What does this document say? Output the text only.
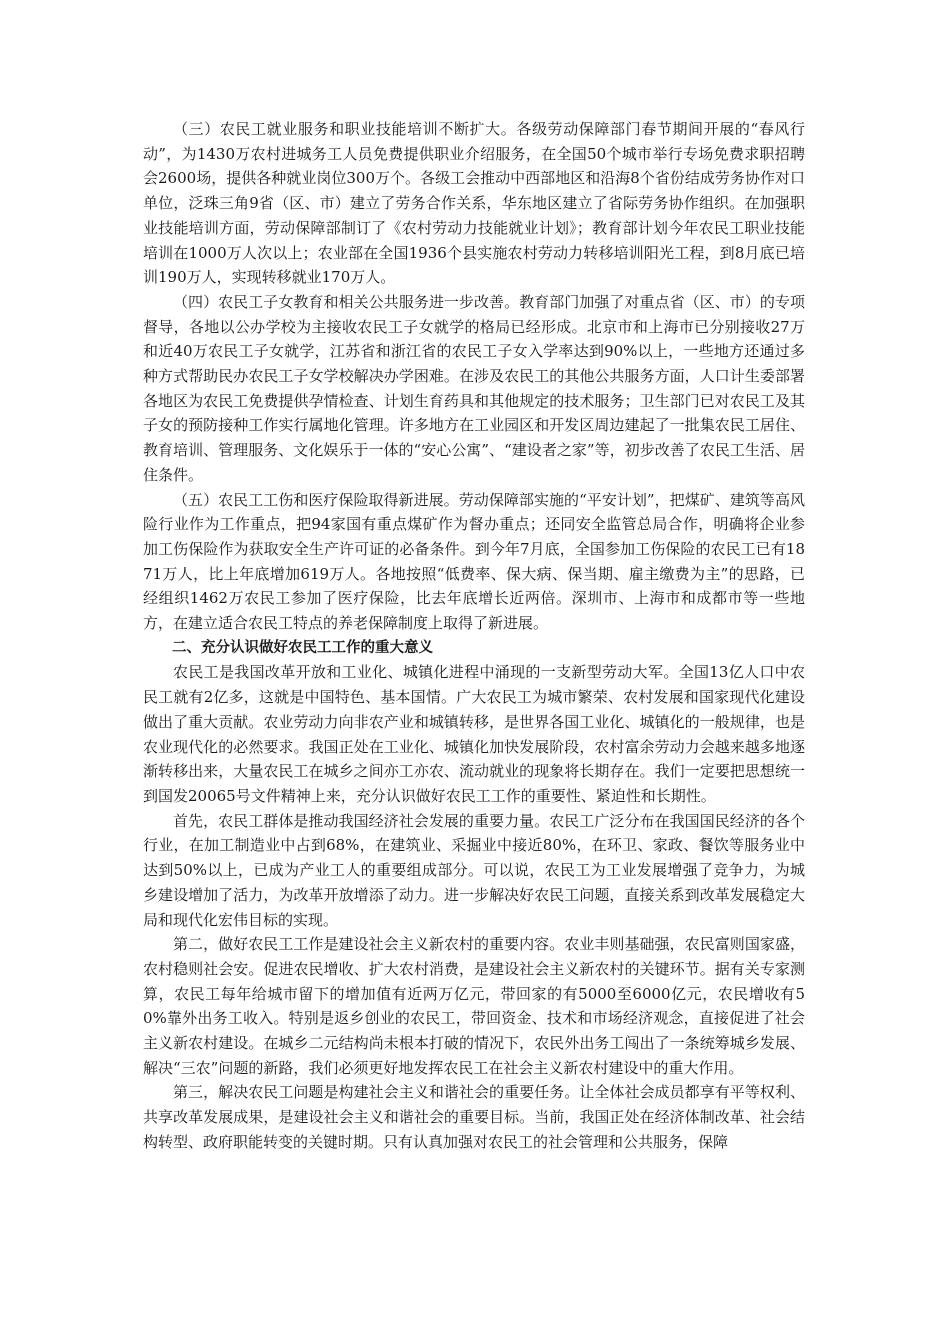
（三）农民工就业服务和职业技能培训不断扩大。各级劳动保障部门春节期间开展的“春风行动”，为1430万农村进城务工人员免费提供职业介绍服务，在全国50个城市举行专场免费求职招聘会2600场，提供各种就业岗位300万个。各级工会推动中西部地区和沿海8个省份结成劳务协作对口单位，泛珠三角9省（区、市）建立了劳务合作关系，华东地区建立了省际劳务协作组织。在加强职业技能培训方面，劳动保障部制订了《农村劳动力技能就业计划》；教育部计划今年农民工职业技能培训在1000万人次以上；农业部在全国1936个县实施农村劳动力转移培训阳光工程，到8月底已培训190万人，实现转移就业170万人。

（四）农民工子女教育和相关公共服务进一步改善。教育部门加强了对重点省（区、市）的专项督导，各地以公办学校为主接收农民工子女就学的格局已经形成。北京市和上海市已分别接收27万和近40万农民工子女就学，江苏省和浙江省的农民工子女入学率达到90%以上，一些地方还通过多种方式帮助民办农民工子女学校解决办学困难。在涉及农民工的其他公共服务方面，人口计生委部署各地区为农民工免费提供孕情检查、计划生育药具和其他规定的技术服务；卫生部门已对农民工及其子女的预防接种工作实行属地化管理。许多地方在工业园区和开发区周边建起了一批集农民工居住、教育培训、管理服务、文化娱乐于一体的“安心公寓”、“建设者之家”等，初步改善了农民工生活、居住条件。

（五）农民工工伤和医疗保险取得新进展。劳动保障部实施的“平安计划”，把煤矿、建筑等高风险行业作为工作重点，把94家国有重点煤矿作为督办重点；还同安全监管总局合作，明确将企业参加工伤保险作为获取安全生产许可证的必备条件。到今年7月底，全国参加工伤保险的农民工已有1871万人，比上年底增加619万人。各地按照“低费率、保大病、保当期、雇主缴费为主”的思路，已经组织1462万农民工参加了医疗保险，比去年底增长近两倍。深圳市、上海市和成都市等一些地方，在建立适合农民工特点的养老保障制度上取得了新进展。

二、充分认识做好农民工工作的重大意义

农民工是我国改革开放和工业化、城镇化进程中涌现的一支新型劳动大军。全国13亿人口中农民工就有2亿多，这就是中国特色、基本国情。广大农民工为城市繁荣、农村发展和国家现代化建设做出了重大贡献。农业劳动力向非农产业和城镇转移，是世界各国工业化、城镇化的一般规律，也是农业现代化的必然要求。我国正处在工业化、城镇化加快发展阶段，农村富余劳动力会越来越多地逐渐转移出来，大量农民工在城乡之间亦工亦农、流动就业的现象将长期存在。我们一定要把思想统一到国发20065号文件精神上来，充分认识做好农民工工作的重要性、紧迫性和长期性。

首先，农民工群体是推动我国经济社会发展的重要力量。农民工广泛分布在我国国民经济的各个行业，在加工制造业中占到68%，在建筑业、采掘业中接近80%，在环卫、家政、餐饮等服务业中达到50%以上，已成为产业工人的重要组成部分。可以说，农民工为工业发展增强了竞争力，为城乡建设增加了活力，为改革开放增添了动力。进一步解决好农民工问题，直接关系到改革发展稳定大局和现代化宏伟目标的实现。

第二，做好农民工工作是建设社会主义新农村的重要内容。农业丰则基础强，农民富则国家盛，农村稳则社会安。促进农民增收、扩大农村消费，是建设社会主义新农村的关键环节。据有关专家测算，农民工每年给城市留下的增加值有近两万亿元，带回家的有5000至6000亿元，农民增收有50%靠外出务工收入。特别是返乡创业的农民工，带回资金、技术和市场经济观念，直接促进了社会主义新农村建设。在城乡二元结构尚未根本打破的情况下，农民外出务工闯出了一条统筹城乡发展、解决“三农”问题的新路，我们必须更好地发挥农民工在社会主义新农村建设中的重大作用。

第三，解决农民工问题是构建社会主义和谐社会的重要任务。让全体社会成员都享有平等权利、共享改革发展成果，是建设社会主义和谐社会的重要目标。当前，我国正处在经济体制改革、社会结构转型、政府职能转变的关键时期。只有认真加强对农民工的社会管理和公共服务，保障
